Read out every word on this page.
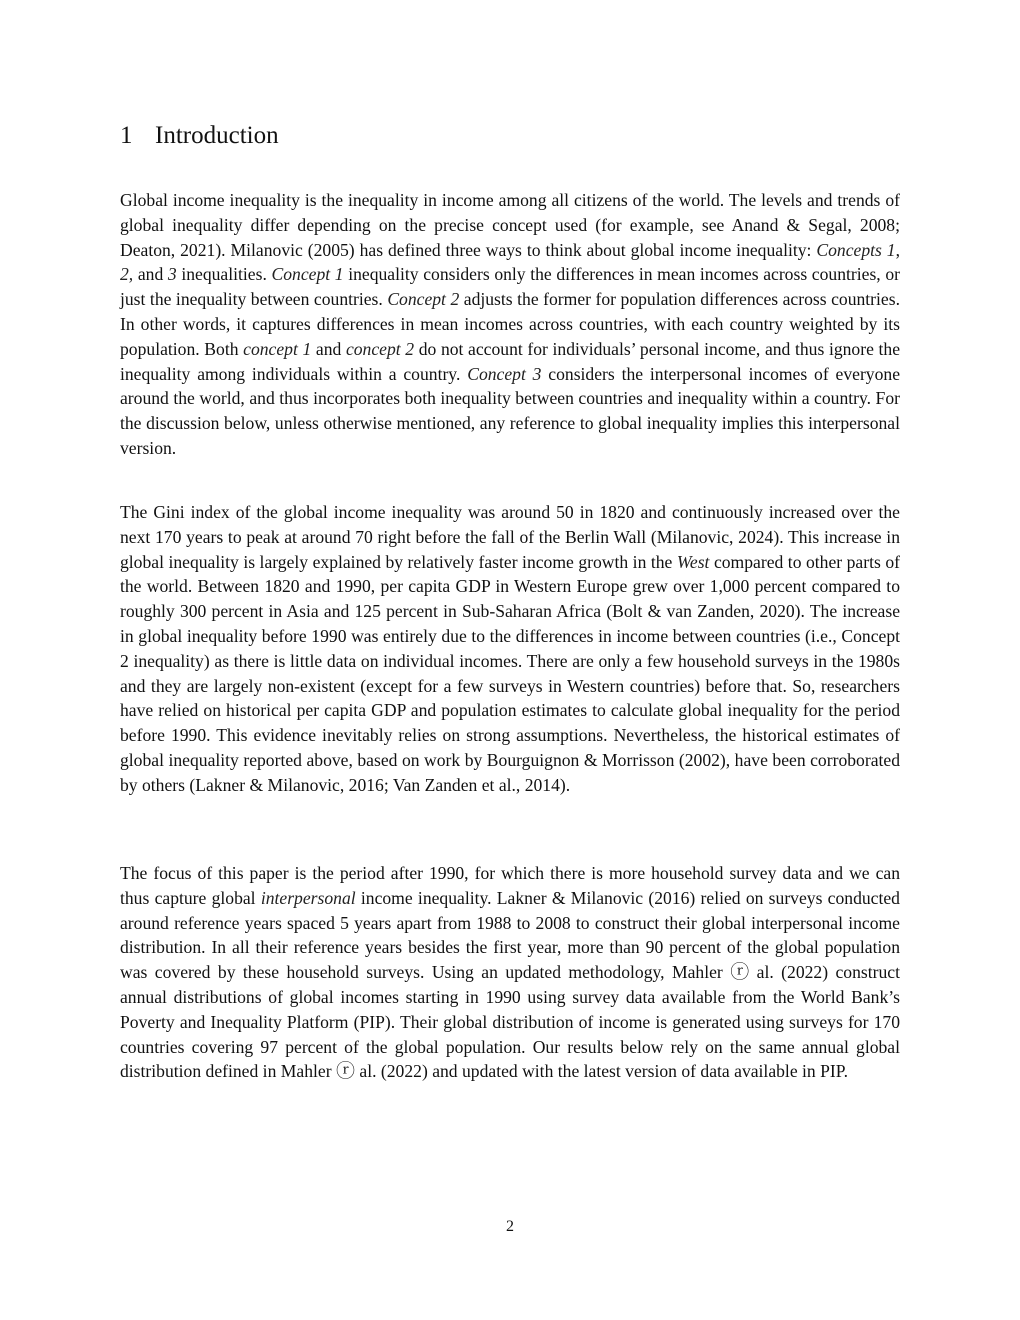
1 Introduction

Global income inequality is the inequality in income among all citizens of the world. The levels and trends of global inequality differ depending on the precise concept used (for example, see Anand & Segal, 2008; Deaton, 2021). Milanovic (2005) has defined three ways to think about global income inequality: Concepts 1, 2, and 3 inequalities. Concept 1 inequality considers only the differences in mean incomes across countries, or just the inequality between countries. Concept 2 adjusts the former for population differences across countries. In other words, it captures differences in mean incomes across countries, with each country weighted by its population. Both concept 1 and concept 2 do not account for individuals’ personal income, and thus ignore the inequality among individuals within a country. Concept 3 considers the interpersonal incomes of everyone around the world, and thus incorporates both inequality between countries and inequality within a country. For the discussion below, unless otherwise mentioned, any reference to global inequality implies this interpersonal version.

The Gini index of the global income inequality was around 50 in 1820 and continuously increased over the next 170 years to peak at around 70 right before the fall of the Berlin Wall (Milanovic, 2024). This increase in global inequality is largely explained by relatively faster income growth in the West compared to other parts of the world. Between 1820 and 1990, per capita GDP in Western Europe grew over 1,000 percent compared to roughly 300 percent in Asia and 125 percent in Sub-Saharan Africa (Bolt & van Zanden, 2020). The increase in global inequality before 1990 was entirely due to the differences in income between countries (i.e., Concept 2 inequality) as there is little data on individual incomes. There are only a few household surveys in the 1980s and they are largely non-existent (except for a few surveys in Western countries) before that. So, researchers have relied on historical per capita GDP and population estimates to calculate global inequality for the period before 1990. This evidence inevitably relies on strong assumptions. Nevertheless, the historical estimates of global inequality reported above, based on work by Bourguignon & Morrisson (2002), have been corroborated by others (Lakner & Milanovic, 2016; Van Zanden et al., 2014).

The focus of this paper is the period after 1990, for which there is more household survey data and we can thus capture global interpersonal income inequality. Lakner & Milanovic (2016) relied on surveys conducted around reference years spaced 5 years apart from 1988 to 2008 to construct their global interpersonal income distribution. In all their reference years besides the first year, more than 90 percent of the global population was covered by these household surveys. Using an updated methodology, Mahler ⓡ al. (2022) construct annual distributions of global incomes starting in 1990 using survey data available from the World Bank’s Poverty and Inequality Platform (PIP). Their global distribution of income is generated using surveys for 170 countries covering 97 percent of the global population. Our results below rely on the same annual global distribution defined in Mahler ⓡ al. (2022) and updated with the latest version of data available in PIP.

2
